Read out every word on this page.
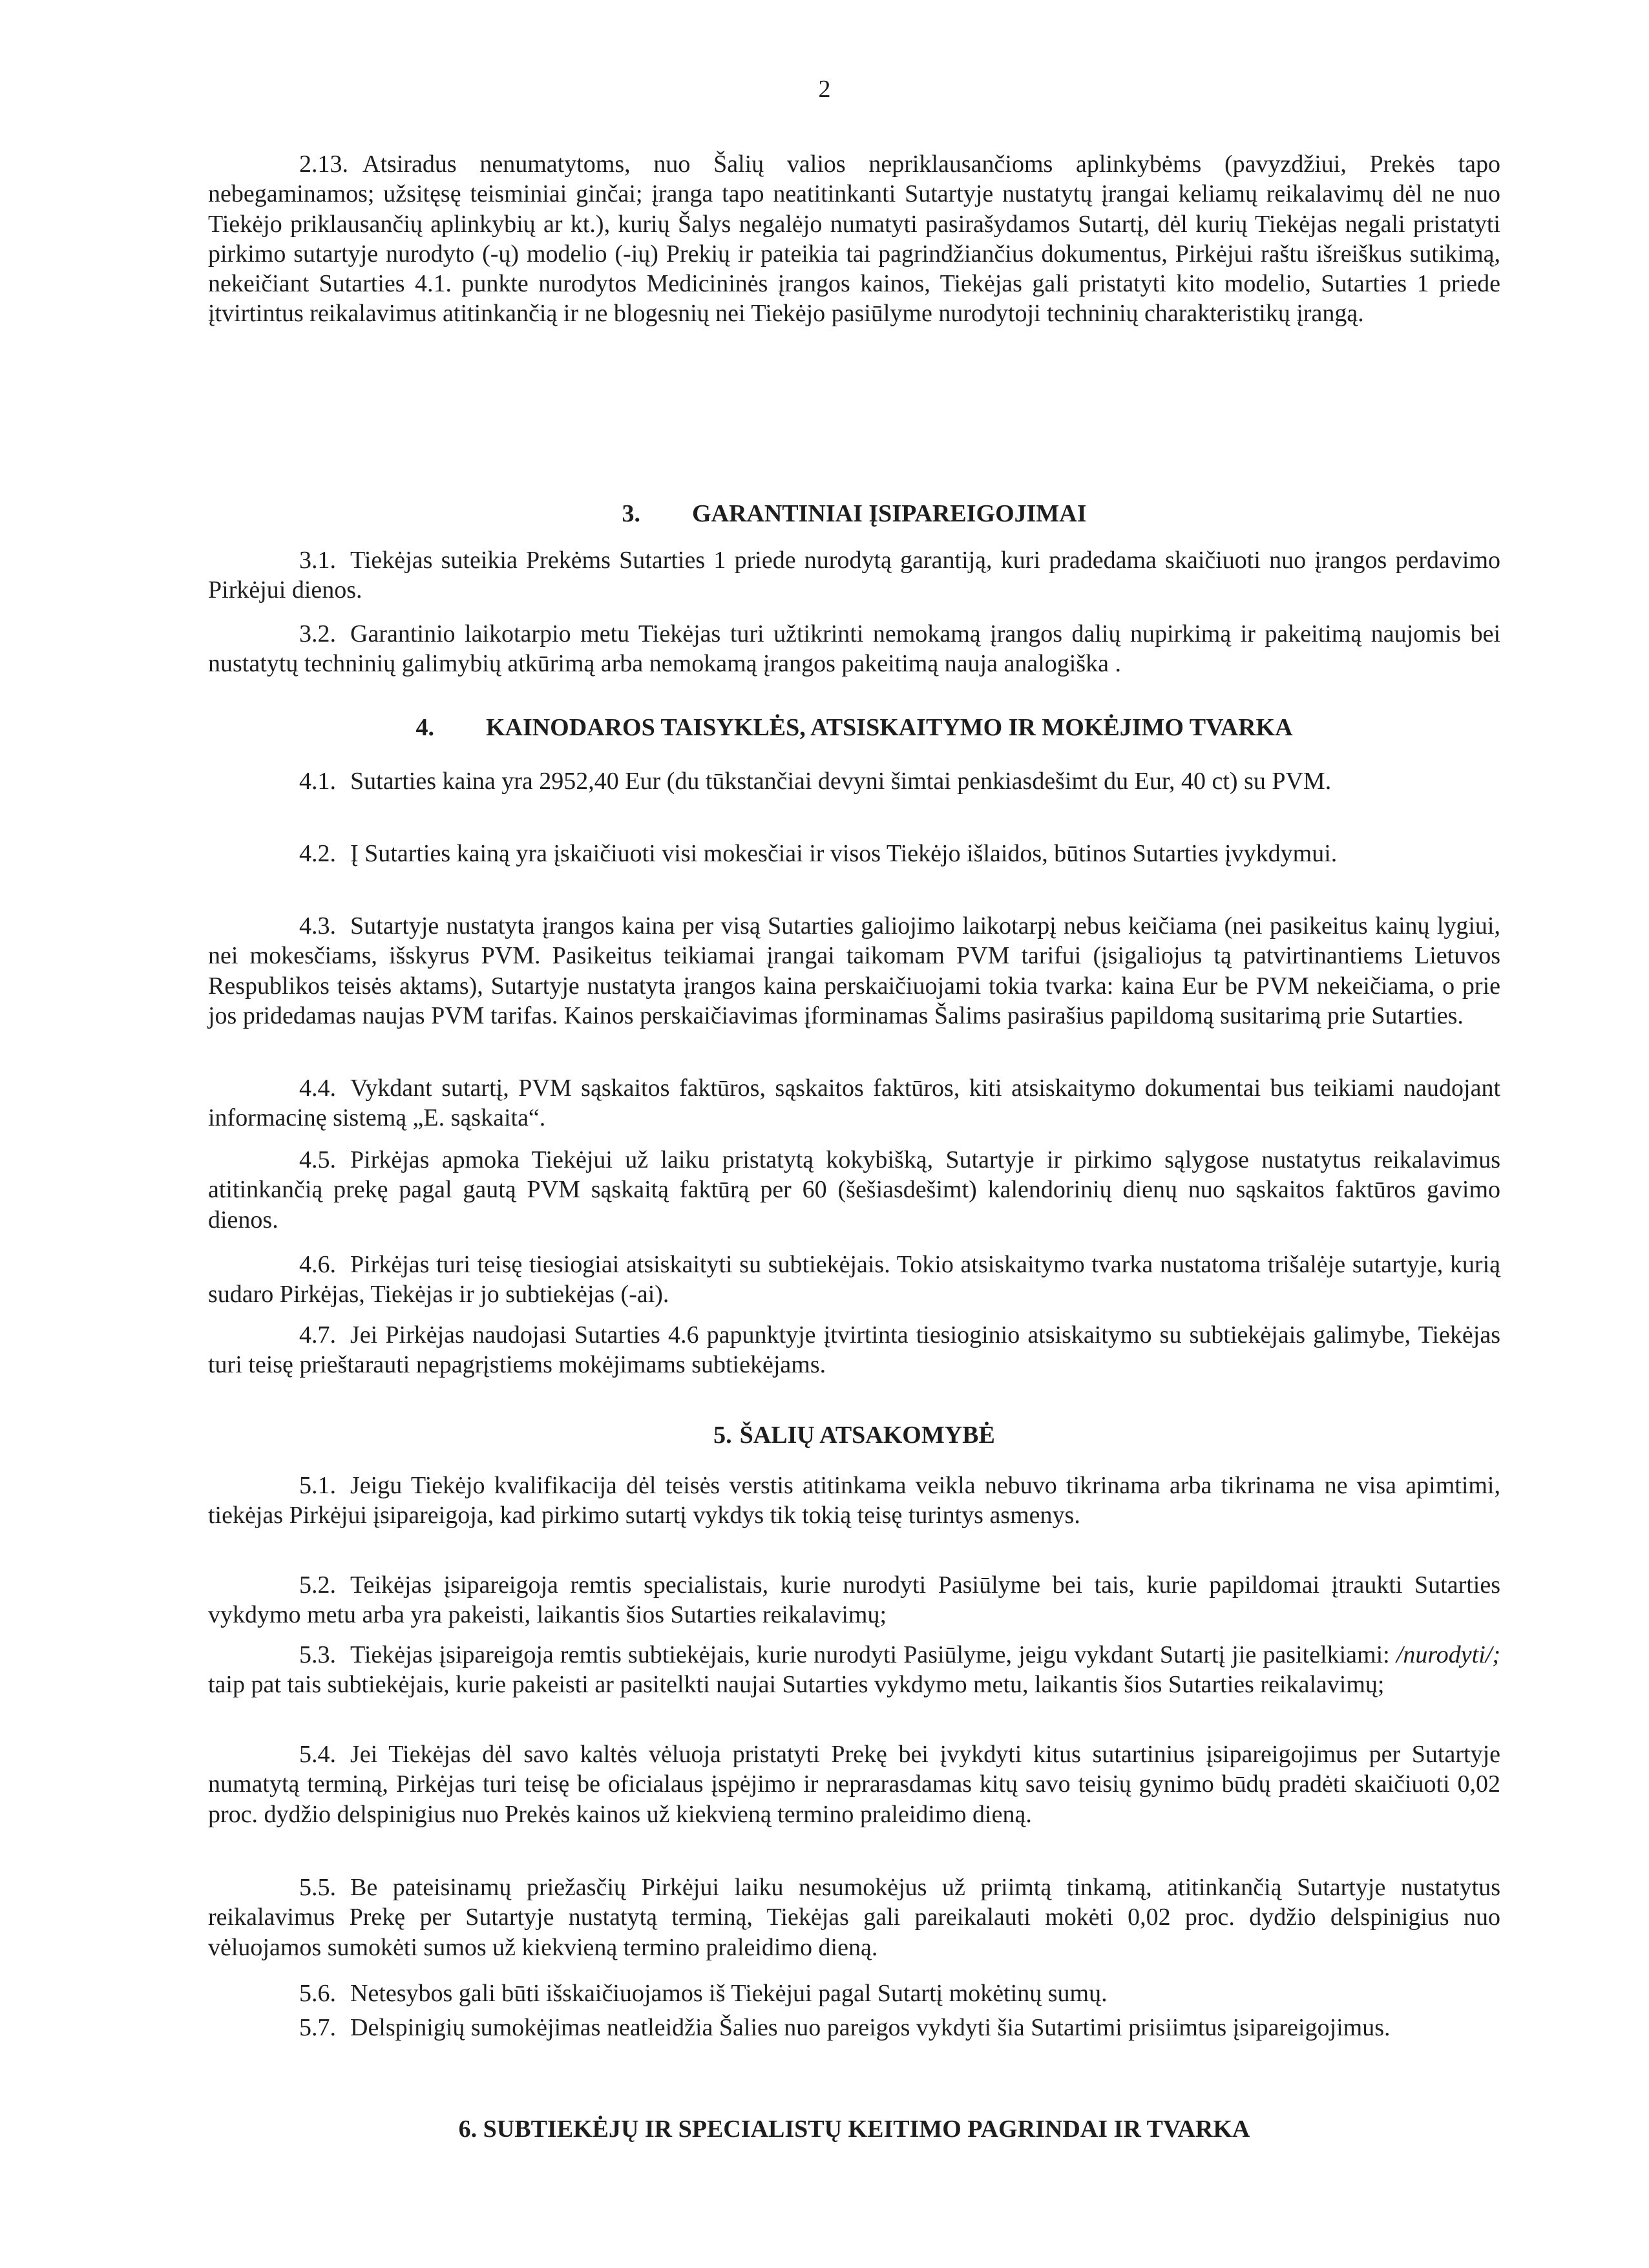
2
2.13. Atsiradus nenumatytoms, nuo Šalių valios nepriklausančioms aplinkybėms (pavyzdžiui, Prekės tapo nebegaminamos; užsitęsę teisminiai ginčai; įranga tapo neatitinkanti Sutartyje nustatytų įrangai keliamų reikalavimų dėl ne nuo Tiekėjo priklausančių aplinkybių ar kt.), kurių Šalys negalėjo numatyti pasirašydamos Sutartį, dėl kurių Tiekėjas negali pristatyti pirkimo sutartyje nurodyto (-ų) modelio (-ių) Prekių ir pateikia tai pagrindžiančius dokumentus, Pirkėjui raštu išreiškus sutikimą, nekeičiant Sutarties 4.1. punkte nurodytos Medicininės įrangos kainos, Tiekėjas gali pristatyti kito modelio, Sutarties 1 priede įtvirtintus reikalavimus atitinkančią ir ne blogesnių nei Tiekėjo pasiūlyme nurodytoji techninių charakteristikų įrangą.
3. GARANTINIAI ĮSIPAREIGOJIMAI
3.1. Tiekėjas suteikia Prekėms Sutarties 1 priede nurodytą garantiją, kuri pradedama skaičiuoti nuo įrangos perdavimo Pirkėjui dienos.
3.2. Garantinio laikotarpio metu Tiekėjas turi užtikrinti nemokamą įrangos dalių nupirkimą ir pakeitimą naujomis bei nustatytų techninių galimybių atkūrimą arba nemokamą įrangos pakeitimą nauja analogiška .
4. KAINODAROS TAISYKLĖS, ATSISKAITYMO IR MOKĖJIMO TVARKA
4.1. Sutarties kaina yra 2952,40 Eur (du tūkstančiai devyni šimtai penkiasdešimt du Eur, 40 ct) su PVM.
4.2. Į Sutarties kainą yra įskaičiuoti visi mokesčiai ir visos Tiekėjo išlaidos, būtinos Sutarties įvykdymui.
4.3. Sutartyje nustatyta įrangos kaina per visą Sutarties galiojimo laikotarpį nebus keičiama (nei pasikeitus kainų lygiui, nei mokesčiams, išskyrus PVM. Pasikeitus teikiamai įrangai taikomam PVM tarifui (įsigaliojus tą patvirtinantiems Lietuvos Respublikos teisės aktams), Sutartyje nustatyta įrangos kaina perskaičiuojami tokia tvarka: kaina Eur be PVM nekeičiama, o prie jos pridedamas naujas PVM tarifas. Kainos perskaičiavimas įforminamas Šalims pasirašius papildomą susitarimą prie Sutarties.
4.4. Vykdant sutartį, PVM sąskaitos faktūros, sąskaitos faktūros, kiti atsiskaitymo dokumentai bus teikiami naudojant informacinę sistemą „E. sąskaita“.
4.5. Pirkėjas apmoka Tiekėjui už laiku pristatytą kokybišką, Sutartyje ir pirkimo sąlygose nustatytus reikalavimus atitinkančią prekę pagal gautą PVM sąskaitą faktūrą per 60 (šešiasdešimt) kalendorinių dienų nuo sąskaitos faktūros gavimo dienos.
4.6. Pirkėjas turi teisę tiesiogiai atsiskaityti su subtiekėjais. Tokio atsiskaitymo tvarka nustatoma trišalėje sutartyje, kurią sudaro Pirkėjas, Tiekėjas ir jo subtiekėjas (-ai).
4.7. Jei Pirkėjas naudojasi Sutarties 4.6 papunktyje įtvirtinta tiesioginio atsiskaitymo su subtiekėjais galimybe, Tiekėjas turi teisę prieštarauti nepagrįstiems mokėjimams subtiekėjams.
5. ŠALIŲ ATSAKOMYBĖ
5.1. Jeigu Tiekėjo kvalifikacija dėl teisės verstis atitinkama veikla nebuvo tikrinama arba tikrinama ne visa apimtimi, tiekėjas Pirkėjui įsipareigoja, kad pirkimo sutartį vykdys tik tokią teisę turintys asmenys.
5.2. Teikėjas įsipareigoja remtis specialistais, kurie nurodyti Pasiūlyme bei tais, kurie papildomai įtraukti Sutarties vykdymo metu arba yra pakeisti, laikantis šios Sutarties reikalavimų;
5.3. Tiekėjas įsipareigoja remtis subtiekėjais, kurie nurodyti Pasiūlyme, jeigu vykdant Sutartį jie pasitelkiami: /nurodyti/; taip pat tais subtiekėjais, kurie pakeisti ar pasitelkti naujai Sutarties vykdymo metu, laikantis šios Sutarties reikalavimų;
5.4. Jei Tiekėjas dėl savo kaltės vėluoja pristatyti Prekę bei įvykdyti kitus sutartinius įsipareigojimus per Sutartyje numatytą terminą, Pirkėjas turi teisę be oficialaus įspėjimo ir neprarasdamas kitų savo teisių gynimo būdų pradėti skaičiuoti 0,02 proc. dydžio delspinigius nuo Prekės kainos už kiekvieną termino praleidimo dieną.
5.5. Be pateisinamų priežasčių Pirkėjui laiku nesumokėjus už priimtą tinkamą, atitinkančią Sutartyje nustatytus reikalavimus Prekę per Sutartyje nustatytą terminą, Tiekėjas gali pareikalauti mokėti 0,02 proc. dydžio delspinigius nuo vėluojamos sumokėti sumos už kiekvieną termino praleidimo dieną.
5.6. Netesybos gali būti išskaičiuojamos iš Tiekėjui pagal Sutartį mokėtinų sumų.
5.7. Delspinigių sumokėjimas neatleidžia Šalies nuo pareigos vykdyti šia Sutartimi prisiimtus įsipareigojimus.
6. SUBTIEKĖJŲ IR SPECIALISTŲ KEITIMO PAGRINDAI IR TVARKA
